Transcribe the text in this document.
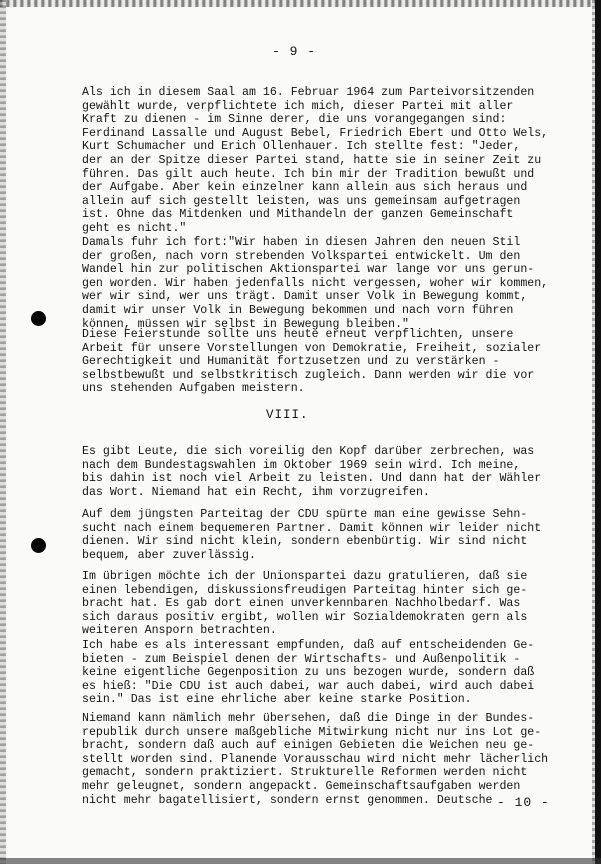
- 9 -
Als ich in diesem Saal am 16. Februar 1964 zum Parteivorsitzenden
gewählt wurde, verpflichtete ich mich, dieser Partei mit aller
Kraft zu dienen - im Sinne derer, die uns vorangegangen sind:
Ferdinand Lassalle und August Bebel, Friedrich Ebert und Otto Wels,
Kurt Schumacher und Erich Ollenhauer. Ich stellte fest: "Jeder,
der an der Spitze dieser Partei stand, hatte sie in seiner Zeit zu
führen. Das gilt auch heute. Ich bin mir der Tradition bewußt und
der Aufgabe. Aber kein einzelner kann allein aus sich heraus und
allein auf sich gestellt leisten, was uns gemeinsam aufgetragen
ist. Ohne das Mitdenken und Mithandeln der ganzen Gemeinschaft
geht es nicht."
Damals fuhr ich fort:"Wir haben in diesen Jahren den neuen Stil
der großen, nach vorn strebenden Volkspartei entwickelt. Um den
Wandel hin zur politischen Aktionspartei war lange vor uns gerun-
gen worden. Wir haben jedenfalls nicht vergessen, woher wir kommen,
wer wir sind, wer uns trägt. Damit unser Volk in Bewegung kommt,
damit wir unser Volk in Bewegung bekommen und nach vorn führen
können, müssen wir selbst in Bewegung bleiben."
Diese Feierstunde sollte uns heute erneut verpflichten, unsere
Arbeit für unsere Vorstellungen von Demokratie, Freiheit, sozialer
Gerechtigkeit und Humanität fortzusetzen und zu verstärken -
selbstbewußt und selbstkritisch zugleich. Dann werden wir die vor
uns stehenden Aufgaben meistern.
VIII.
Es gibt Leute, die sich voreilig den Kopf darüber zerbrechen, was
nach dem Bundestagswahlen im Oktober 1969 sein wird. Ich meine,
bis dahin ist noch viel Arbeit zu leisten. Und dann hat der Wähler
das Wort. Niemand hat ein Recht, ihm vorzugreifen.
Auf dem jüngsten Parteitag der CDU spürte man eine gewisse Sehn-
sucht nach einem bequemeren Partner. Damit können wir leider nicht
dienen. Wir sind nicht klein, sondern ebenbürtig. Wir sind nicht
bequem, aber zuverlässig.
Im übrigen möchte ich der Unionspartei dazu gratulieren, daß sie
einen lebendigen, diskussionsfreudigen Parteitag hinter sich ge-
bracht hat. Es gab dort einen unverkennbaren Nachholbedarf. Was
sich daraus positiv ergibt, wollen wir Sozialdemokraten gern als
weiteren Ansporn betrachten.
Ich habe es als interessant empfunden, daß auf entscheidenden Ge-
bieten - zum Beispiel denen der Wirtschafts- und Außenpolitik -
keine eigentliche Gegenposition zu uns bezogen wurde, sondern daß
es hieß: "Die CDU ist auch dabei, war auch dabei, wird auch dabei
sein." Das ist eine ehrliche aber keine starke Position.
Niemand kann nämlich mehr übersehen, daß die Dinge in der Bundes-
republik durch unsere maßgebliche Mitwirkung nicht nur ins Lot ge-
bracht, sondern daß auch auf einigen Gebieten die Weichen neu ge-
stellt worden sind. Planende Vorausschau wird nicht mehr lächerlich
gemacht, sondern praktiziert. Strukturelle Reformen werden nicht
mehr geleugnet, sondern angepackt. Gemeinschaftsaufgaben werden
nicht mehr bagatellisiert, sondern ernst genommen. Deutsche - 10 -
